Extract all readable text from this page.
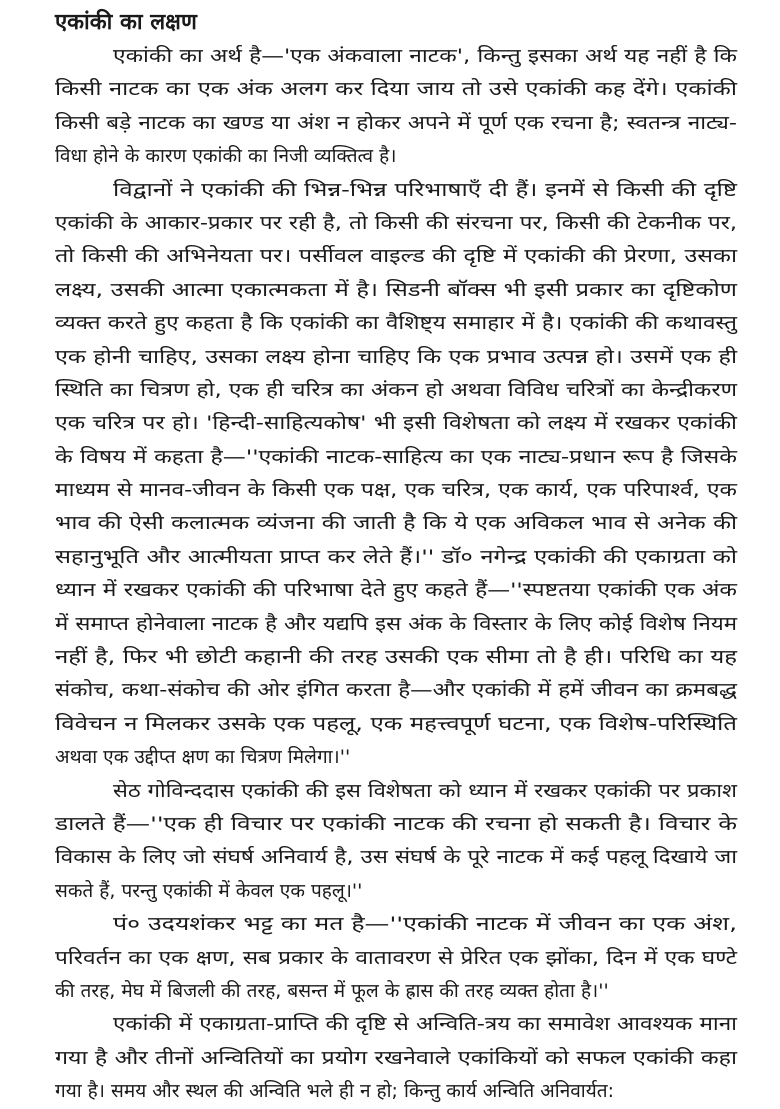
एकांकी का लक्षण
एकांकी का अर्थ है—'एक अंकवाला नाटक', किन्तु इसका अर्थ यह नहीं है कि
किसी नाटक का एक अंक अलग कर दिया जाय तो उसे एकांकी कह देंगे। एकांकी
किसी बड़े नाटक का खण्ड या अंश न होकर अपने में पूर्ण एक रचना है; स्वतन्त्र नाट्य-
विधा होने के कारण एकांकी का निजी व्यक्तित्व है।
विद्वानों ने एकांकी की भिन्न-भिन्न परिभाषाएँ दी हैं। इनमें से किसी की दृष्टि
एकांकी के आकार-प्रकार पर रही है, तो किसी की संरचना पर, किसी की टेकनीक पर,
तो किसी की अभिनेयता पर। पर्सीवल वाइल्ड की दृष्टि में एकांकी की प्रेरणा, उसका
लक्ष्य, उसकी आत्मा एकात्मकता में है। सिडनी बॉक्स भी इसी प्रकार का दृष्टिकोण
व्यक्त करते हुए कहता है कि एकांकी का वैशिष्ट्य समाहार में है। एकांकी की कथावस्तु
एक होनी चाहिए, उसका लक्ष्य होना चाहिए कि एक प्रभाव उत्पन्न हो। उसमें एक ही
स्थिति का चित्रण हो, एक ही चरित्र का अंकन हो अथवा विविध चरित्रों का केन्द्रीकरण
एक चरित्र पर हो। 'हिन्दी-साहित्यकोष' भी इसी विशेषता को लक्ष्य में रखकर एकांकी
के विषय में कहता है—''एकांकी नाटक-साहित्य का एक नाट्य-प्रधान रूप है जिसके
माध्यम से मानव-जीवन के किसी एक पक्ष, एक चरित्र, एक कार्य, एक परिपार्श्व, एक
भाव की ऐसी कलात्मक व्यंजना की जाती है कि ये एक अविकल भाव से अनेक की
सहानुभूति और आत्मीयता प्राप्त कर लेते हैं।'' डॉ० नगेन्द्र एकांकी की एकाग्रता को
ध्यान में रखकर एकांकी की परिभाषा देते हुए कहते हैं—''स्पष्टतया एकांकी एक अंक
में समाप्त होनेवाला नाटक है और यद्यपि इस अंक के विस्तार के लिए कोई विशेष नियम
नहीं है, फिर भी छोटी कहानी की तरह उसकी एक सीमा तो है ही। परिधि का यह
संकोच, कथा-संकोच की ओर इंगित करता है—और एकांकी में हमें जीवन का क्रमबद्ध
विवेचन न मिलकर उसके एक पहलू, एक महत्त्वपूर्ण घटना, एक विशेष-परिस्थिति
अथवा एक उद्दीप्त क्षण का चित्रण मिलेगा।''
सेठ गोविन्ददास एकांकी की इस विशेषता को ध्यान में रखकर एकांकी पर प्रकाश
डालते हैं—''एक ही विचार पर एकांकी नाटक की रचना हो सकती है। विचार के
विकास के लिए जो संघर्ष अनिवार्य है, उस संघर्ष के पूरे नाटक में कई पहलू दिखाये जा
सकते हैं, परन्तु एकांकी में केवल एक पहलू।''
पं० उदयशंकर भट्ट का मत है—''एकांकी नाटक में जीवन का एक अंश,
परिवर्तन का एक क्षण, सब प्रकार के वातावरण से प्रेरित एक झोंका, दिन में एक घण्टे
की तरह, मेघ में बिजली की तरह, बसन्त में फूल के ह्रास की तरह व्यक्त होता है।''
एकांकी में एकाग्रता-प्राप्ति की दृष्टि से अन्विति-त्रय का समावेश आवश्यक माना
गया है और तीनों अन्वितियों का प्रयोग रखनेवाले एकांकियों को सफल एकांकी कहा
गया है। समय और स्थल की अन्विति भले ही न हो; किन्तु कार्य अन्विति अनिवार्यत:
